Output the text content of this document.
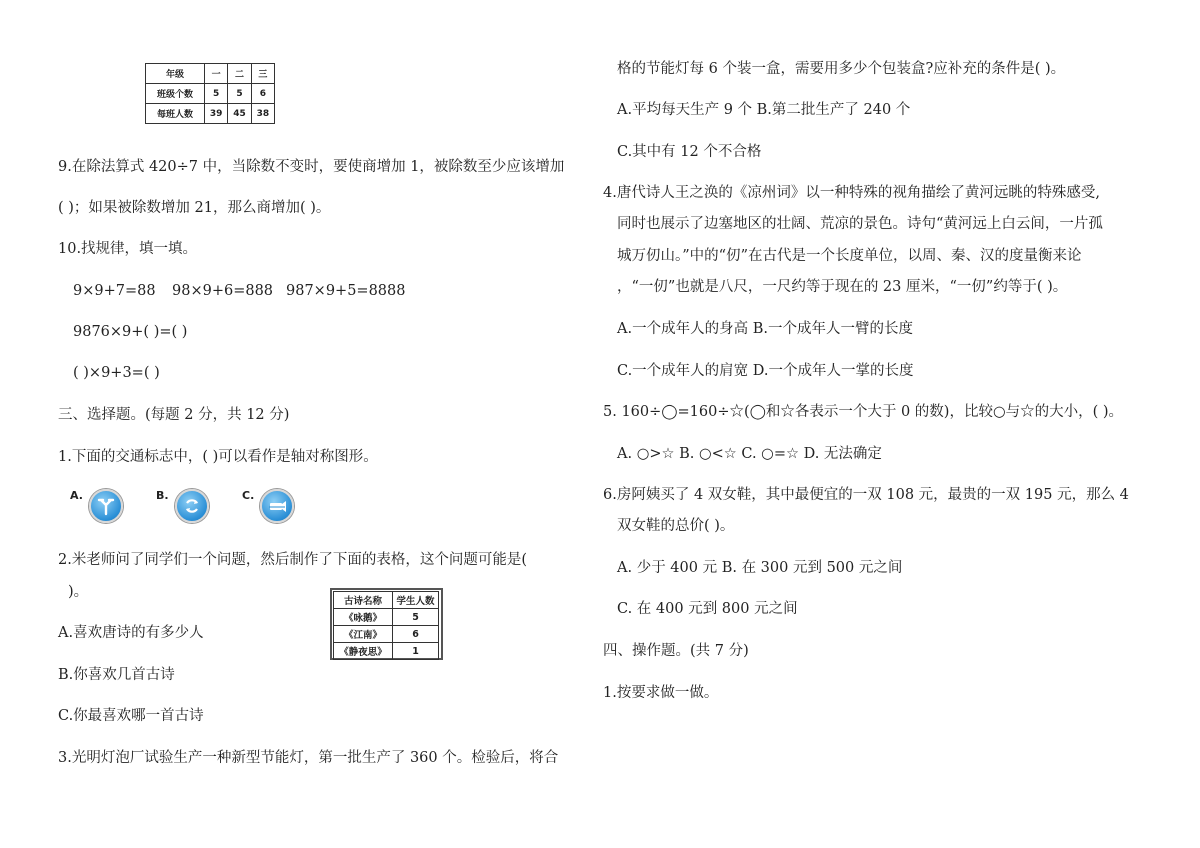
年级	一	二	三
班级个数	5	5	6
每班人数	39	45	38
9.在除法算式 420÷7 中，当除数不变时，要使商增加 1，被除数至少应该增加
( )；如果被除数增加 21，那么商增加( )。
10.找规律，填一填。
9×9+7=88 98×9+6=888 987×9+5=8888
9876×9+( )=( )
( )×9+3=( )
三、选择题。(每题 2 分，共 12 分)
1.下面的交通标志中，( )可以看作是轴对称图形。
A.	B.	C.
2.米老师问了同学们一个问题，然后制作了下面的表格，这个问题可能是(
)。
古诗名称	学生人数
《咏鹅》	5
《江南》	6
《静夜思》	1
A.喜欢唐诗的有多少人
B.你喜欢几首古诗
C.你最喜欢哪一首古诗
3.光明灯泡厂试验生产一种新型节能灯，第一批生产了 360 个。检验后，将合
格的节能灯每 6 个装一盒，需要用多少个包装盒?应补充的条件是( )。
A.平均每天生产 9 个 B.第二批生产了 240 个
C.其中有 12 个不合格
4.唐代诗人王之涣的《凉州词》以一种特殊的视角描绘了黄河远眺的特殊感受,
同时也展示了边塞地区的壮阔、荒凉的景色。诗句“黄河远上白云间，一片孤
城万仞山。”中的“仞”在古代是一个长度单位，以周、秦、汉的度量衡来论
，“一仞”也就是八尺，一尺约等于现在的 23 厘米，“一仞”约等于( )。
A.一个成年人的身高 B.一个成年人一臂的长度
C.一个成年人的肩宽 D.一个成年人一掌的长度
5. 160÷◯=160÷☆(◯和☆各表示一个大于 0 的数)，比较○与☆的大小，( )。
A. ○>☆ B. ○<☆ C. ○=☆ D. 无法确定
6.房阿姨买了 4 双女鞋，其中最便宜的一双 108 元，最贵的一双 195 元，那么 4
双女鞋的总价( )。
A. 少于 400 元 B. 在 300 元到 500 元之间
C. 在 400 元到 800 元之间
四、操作题。(共 7 分)
1.按要求做一做。
